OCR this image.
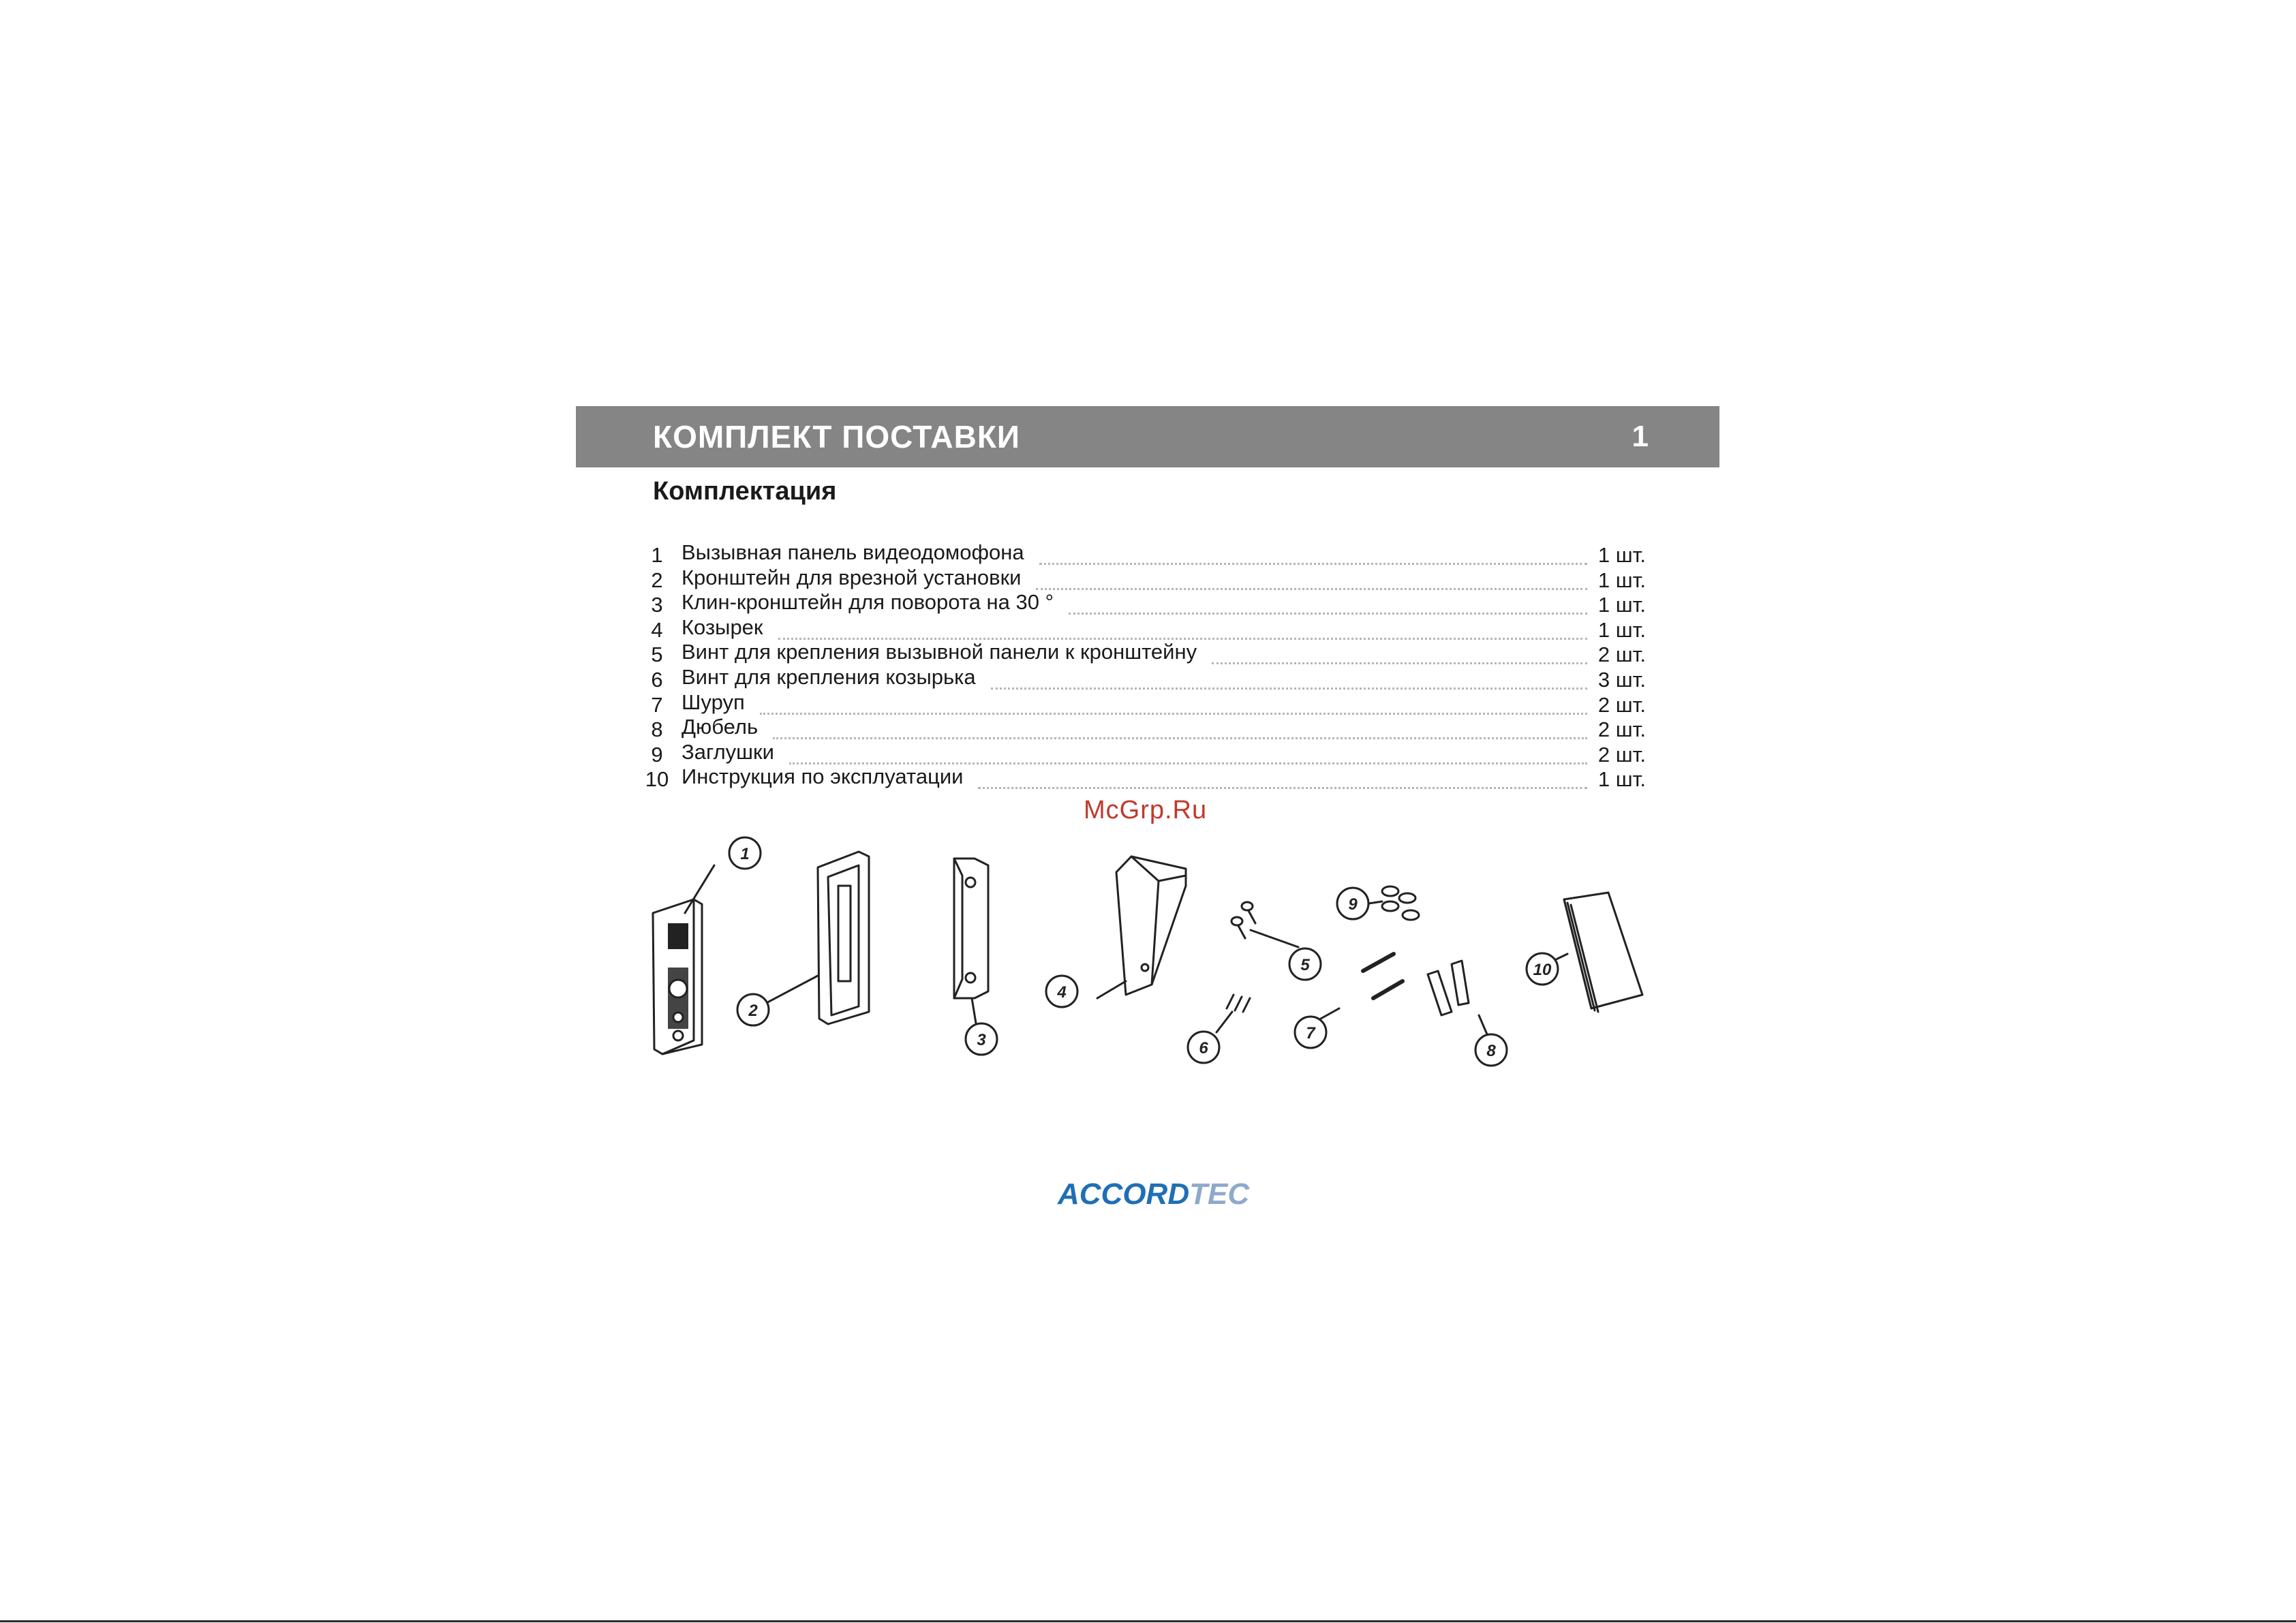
КОМПЛЕКТ ПОСТАВКИ	1
Комплектация
1 Вызывная панель видеодомофона	1 шт.
2 Кронштейн для врезной установки	1 шт.
3 Клин-кронштейн для поворота на 30 °	1 шт.
4 Козырек	1 шт.
5 Винт для крепления вызывной панели к кронштейну	2 шт.
6 Винт для крепления козырька	3 шт.
7 Шуруп	2 шт.
8 Дюбель	2 шт.
9 Заглушки	2 шт.
10 Инструкция по эксплуатации	1 шт.
McGrp.Ru
1
2
3
4
5
6
7
8
9
10
ACCORDTEC
